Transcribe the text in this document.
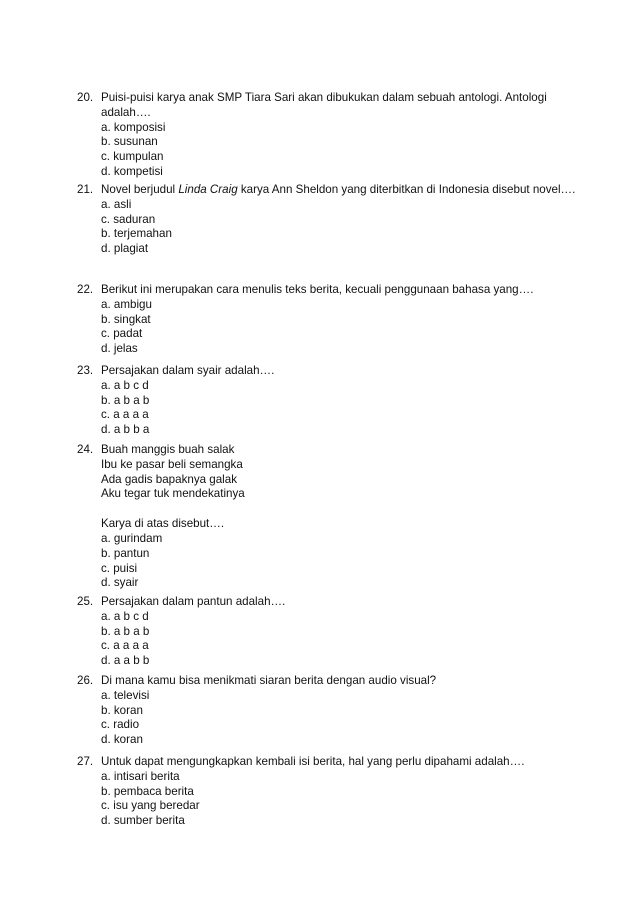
20. Puisi-puisi karya anak SMP Tiara Sari akan dibukukan dalam sebuah antologi. Antologi adalah….
a. komposisi
b. susunan
c. kumpulan
d. kompetisi
21. Novel berjudul Linda Craig karya Ann Sheldon yang diterbitkan di Indonesia disebut novel….
a. asli
c. saduran
b. terjemahan
d. plagiat
22. Berikut ini merupakan cara menulis teks berita, kecuali penggunaan bahasa yang….
a. ambigu
b. singkat
c. padat
d. jelas
23. Persajakan dalam syair adalah….
a. a b c d
b. a b a b
c. a a a a
d. a b b a
24. Buah manggis buah salak
Ibu ke pasar beli semangka
Ada gadis bapaknya galak
Aku tegar tuk mendekatinya
Karya di atas disebut….
a. gurindam
b. pantun
c. puisi
d. syair
25. Persajakan dalam pantun adalah….
a. a b c d
b. a b a b
c. a a a a
d. a a b b
26. Di mana kamu bisa menikmati siaran berita dengan audio visual?
a. televisi
b. koran
c. radio
d. koran
27. Untuk dapat mengungkapkan kembali isi berita, hal yang perlu dipahami adalah….
a. intisari berita
b. pembaca berita
c. isu yang beredar
d. sumber berita
